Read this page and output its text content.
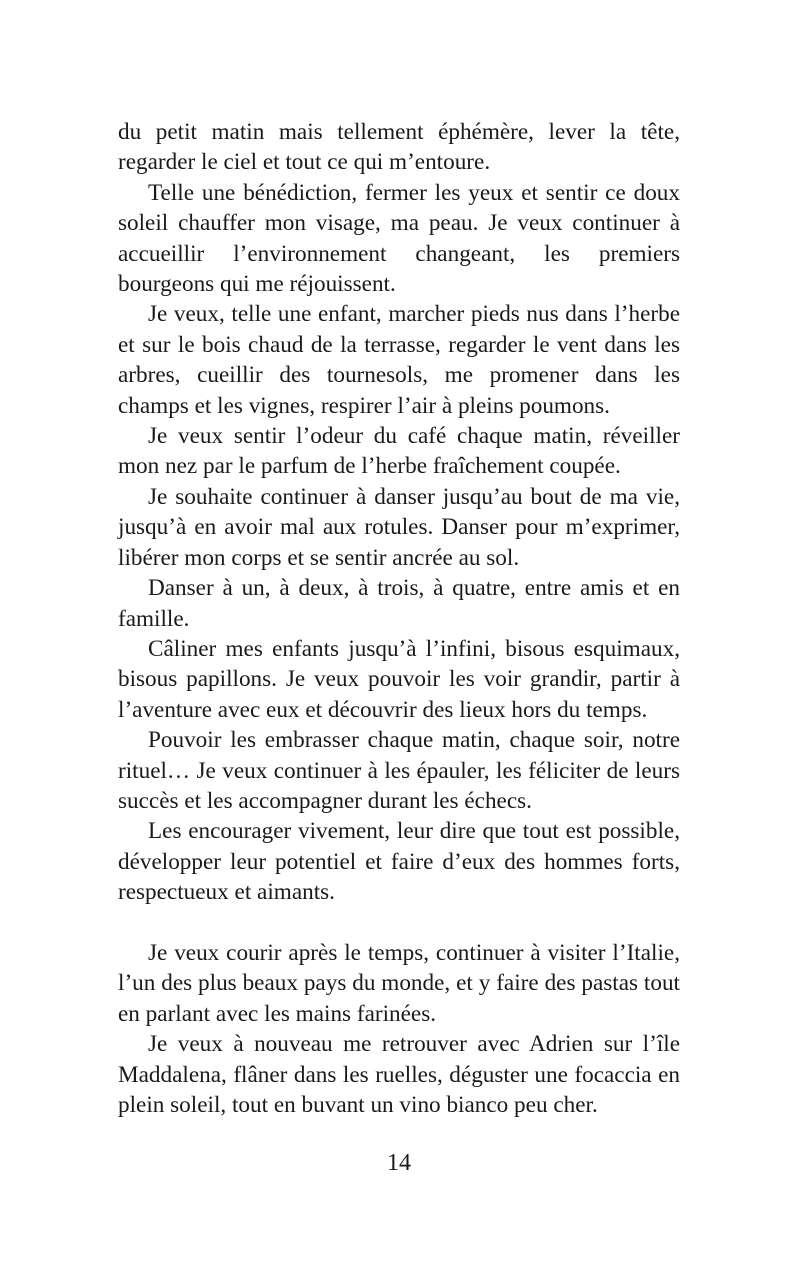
du petit matin mais tellement éphémère, lever la tête, regarder le ciel et tout ce qui m’entoure.

Telle une bénédiction, fermer les yeux et sentir ce doux soleil chauffer mon visage, ma peau. Je veux continuer à accueillir l’environnement changeant, les premiers bourgeons qui me réjouissent.

Je veux, telle une enfant, marcher pieds nus dans l’herbe et sur le bois chaud de la terrasse, regarder le vent dans les arbres, cueillir des tournesols, me promener dans les champs et les vignes, respirer l’air à pleins poumons.

Je veux sentir l’odeur du café chaque matin, réveiller mon nez par le parfum de l’herbe fraîchement coupée.

Je souhaite continuer à danser jusqu’au bout de ma vie, jusqu’à en avoir mal aux rotules. Danser pour m’exprimer, libérer mon corps et se sentir ancrée au sol.

Danser à un, à deux, à trois, à quatre, entre amis et en famille.

Câliner mes enfants jusqu’à l’infini, bisous esquimaux, bisous papillons. Je veux pouvoir les voir grandir, partir à l’aventure avec eux et découvrir des lieux hors du temps.

Pouvoir les embrasser chaque matin, chaque soir, notre rituel… Je veux continuer à les épauler, les féliciter de leurs succès et les accompagner durant les échecs.

Les encourager vivement, leur dire que tout est possible, développer leur potentiel et faire d’eux des hommes forts, respectueux et aimants.

Je veux courir après le temps, continuer à visiter l’Italie, l’un des plus beaux pays du monde, et y faire des pastas tout en parlant avec les mains farinées.

Je veux à nouveau me retrouver avec Adrien sur l’île Maddalena, flâner dans les ruelles, déguster une focaccia en plein soleil, tout en buvant un vino bianco peu cher.

14
